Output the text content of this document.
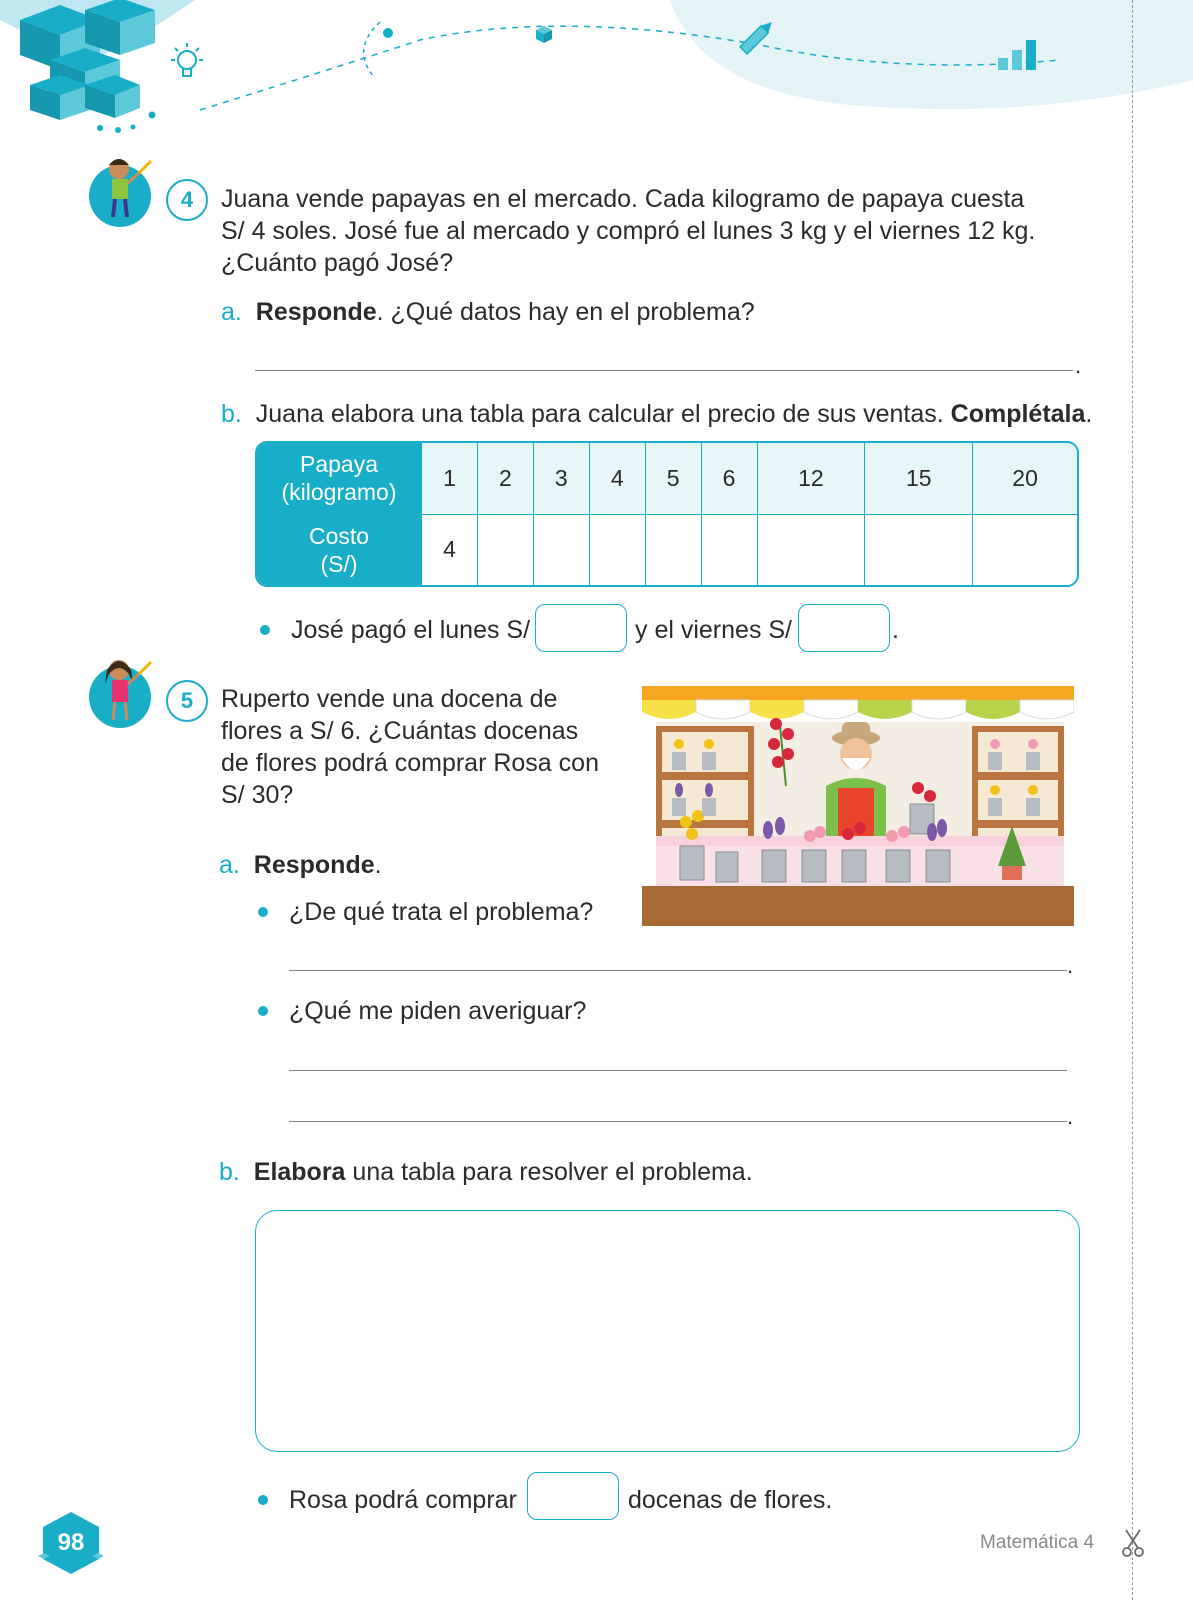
4	Juana vende papayas en el mercado. Cada kilogramo de papaya cuesta
S/ 4 soles. José fue al mercado y compró el lunes 3 kg y el viernes 12 kg.
¿Cuánto pagó José?
a. Responde. ¿Qué datos hay en el problema?
.
b. Juana elabora una tabla para calcular el precio de sus ventas. Complétala.
Papaya
(kilogramo)	1	2	3	4	5	6	12	15	20

Costo
(S/)	4								
José pagó el lunes S/	y el viernes S/	.
5	Ruperto vende una docena de
flores a S/ 6. ¿Cuántas docenas
de flores podrá comprar Rosa con
S/ 30?
a. Responde.
¿De qué trata el problema?
.
¿Qué me piden averiguar?
.
b. Elabora una tabla para resolver el problema.
Rosa podrá comprar	docenas de flores.
98	Matemática 4
